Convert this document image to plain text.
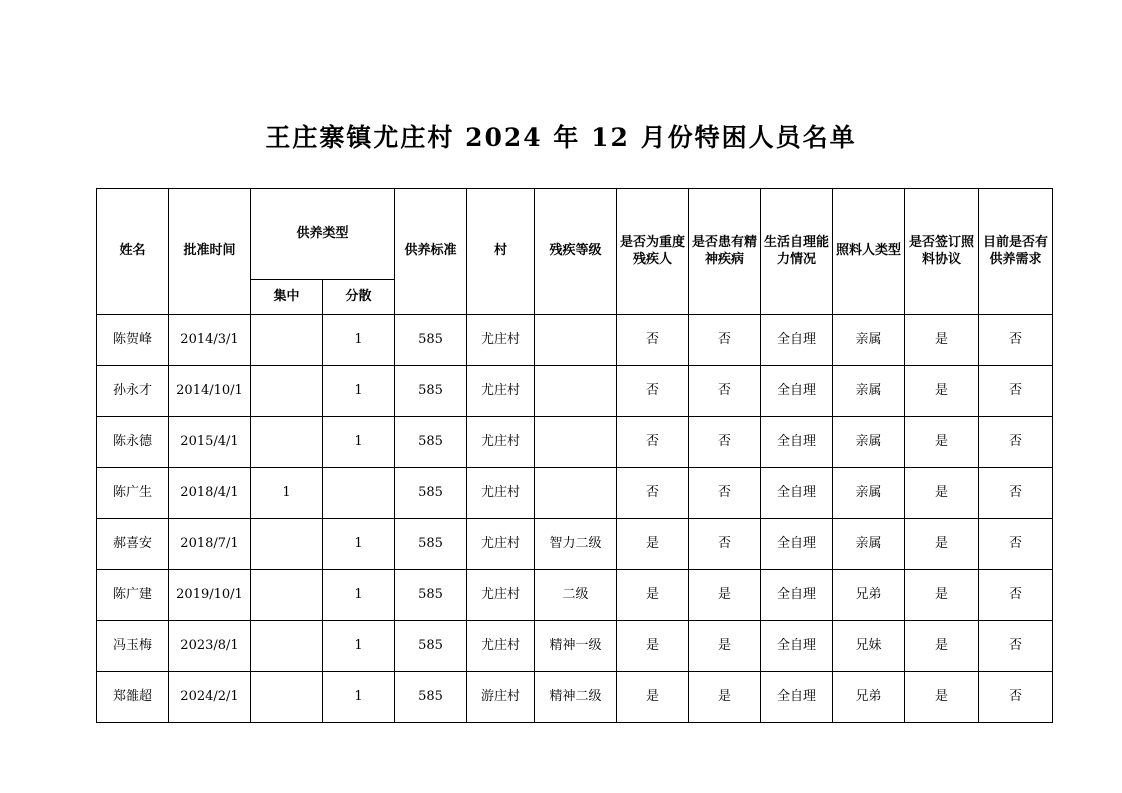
王庄寨镇尤庄村 2024 年 12 月份特困人员名单
姓名	批准时间	供养类型		供养标准	村	残疾等级	是否为重度残疾人	是否患有精神疾病	生活自理能力情况	照料人类型	是否签订照料协议	目前是否有供养需求
		集中	分散									
陈贺峰	2014/3/1		1	585	尤庄村		否	否	全自理	亲属	是	否
孙永才	2014/10/1		1	585	尤庄村		否	否	全自理	亲属	是	否
陈永德	2015/4/1		1	585	尤庄村		否	否	全自理	亲属	是	否
陈广生	2018/4/1	1		585	尤庄村		否	否	全自理	亲属	是	否
郝喜安	2018/7/1		1	585	尤庄村	智力二级	是	否	全自理	亲属	是	否
陈广建	2019/10/1		1	585	尤庄村	二级	是	是	全自理	兄弟	是	否
冯玉梅	2023/8/1		1	585	尤庄村	精神一级	是	是	全自理	兄妹	是	否
郑雒超	2024/2/1		1	585	游庄村	精神二级	是	是	全自理	兄弟	是	否
